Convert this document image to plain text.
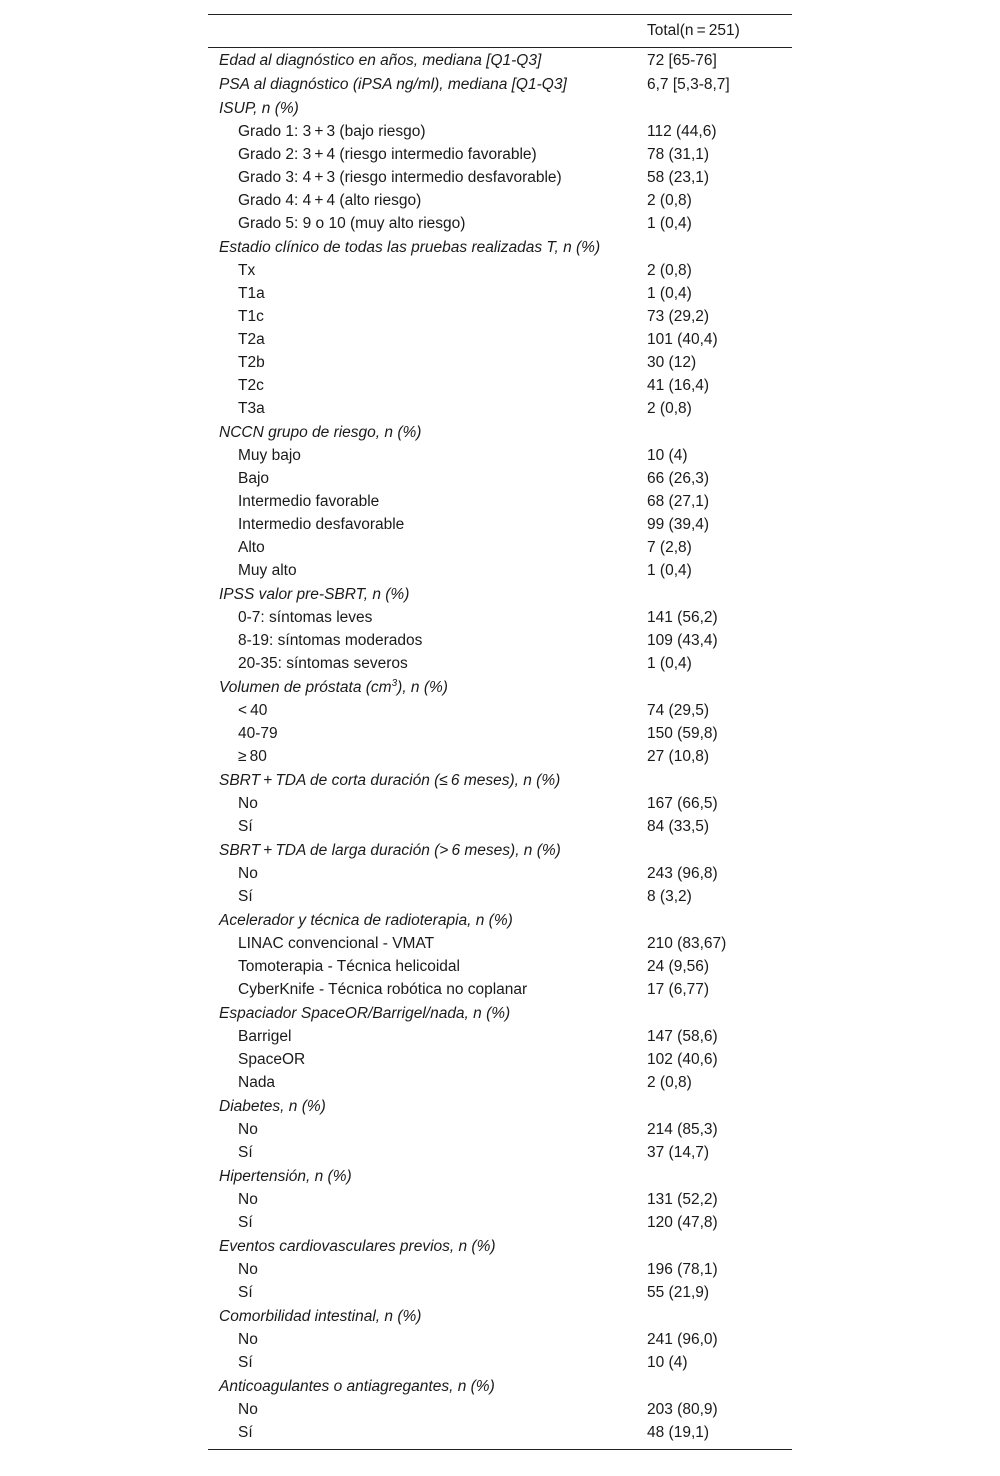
Total(n = 251)
Edad al diagnóstico en años, mediana [Q1-Q3]	72 [65-76]
PSA al diagnóstico (iPSA ng/ml), mediana [Q1-Q3]	6,7 [5,3-8,7]
ISUP, n (%)
Grado 1: 3 + 3 (bajo riesgo)	112 (44,6)
Grado 2: 3 + 4 (riesgo intermedio favorable)	78 (31,1)
Grado 3: 4 + 3 (riesgo intermedio desfavorable)	58 (23,1)
Grado 4: 4 + 4 (alto riesgo)	2 (0,8)
Grado 5: 9 o 10 (muy alto riesgo)	1 (0,4)
Estadio clínico de todas las pruebas realizadas T, n (%)
Tx	2 (0,8)
T1a	1 (0,4)
T1c	73 (29,2)
T2a	101 (40,4)
T2b	30 (12)
T2c	41 (16,4)
T3a	2 (0,8)
NCCN grupo de riesgo, n (%)
Muy bajo	10 (4)
Bajo	66 (26,3)
Intermedio favorable	68 (27,1)
Intermedio desfavorable	99 (39,4)
Alto	7 (2,8)
Muy alto	1 (0,4)
IPSS valor pre-SBRT, n (%)
0-7: síntomas leves	141 (56,2)
8-19: síntomas moderados	109 (43,4)
20-35: síntomas severos	1 (0,4)
Volumen de próstata $(cm^3)$, n (%)
< 40	74 (29,5)
40-79	150 (59,8)
≥ 80	27 (10,8)
SBRT + TDA de corta duración (≤ 6 meses), n (%)
No	167 (66,5)
Sí	84 (33,5)
SBRT + TDA de larga duración (> 6 meses), n (%)
No	243 (96,8)
Sí	8 (3,2)
Acelerador y técnica de radioterapia, n (%)
LINAC convencional - VMAT	210 (83,67)
Tomoterapia - Técnica helicoidal	24 (9,56)
CyberKnife - Técnica robótica no coplanar	17 (6,77)
Espaciador SpaceOR/Barrigel/nada, n (%)
Barrigel	147 (58,6)
SpaceOR	102 (40,6)
Nada	2 (0,8)
Diabetes, n (%)
No	214 (85,3)
Sí	37 (14,7)
Hipertensión, n (%)
No	131 (52,2)
Sí	120 (47,8)
Eventos cardiovasculares previos, n (%)
No	196 (78,1)
Sí	55 (21,9)
Comorbilidad intestinal, n (%)
No	241 (96,0)
Sí	10 (4)
Anticoagulantes o antiagregantes, n (%)
No	203 (80,9)
Sí	48 (19,1)
